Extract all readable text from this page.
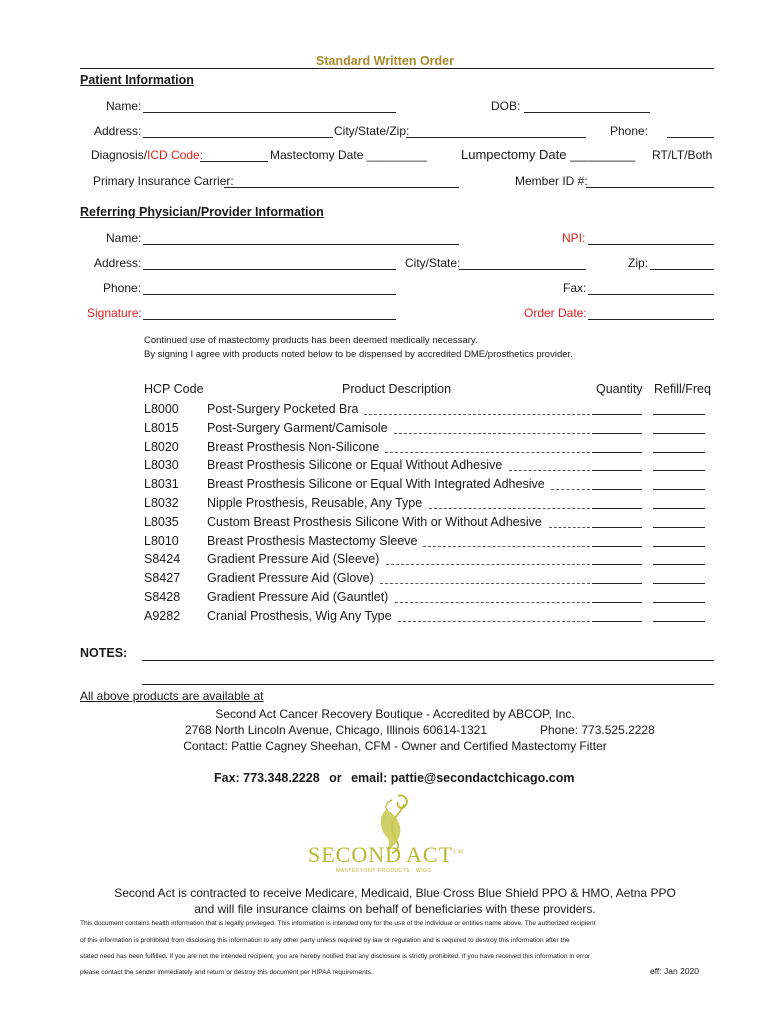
Standard Written Order
Patient Information
Name:	DOB:
Address:	City/State/Zip:	Phone:
Diagnosis/ICD Code:	Mastectomy Date _________	Lumpectomy Date _________ RT/LT/Both
Primary Insurance Carrier:	Member ID #:
Referring Physician/Provider Information
Name:	NPI:
Address:	City/State:	Zip:
Phone:	Fax:
Signature:	Order Date:
Continued use of mastectomy products has been deemed medically necessary.
By signing I agree with products noted below to be dispensed by accredited DME/prosthetics provider.
HCP Code	Product Description	Quantity Refill/Freq
L8000 Post-Surgery Pocketed Bra
L8015 Post-Surgery Garment/Camisole
L8020 Breast Prosthesis Non-Silicone
L8030 Breast Prosthesis Silicone or Equal Without Adhesive
L8031 Breast Prosthesis Silicone or Equal With Integrated Adhesive
L8032 Nipple Prosthesis, Reusable, Any Type
L8035 Custom Breast Prosthesis Silicone With or Without Adhesive
L8010 Breast Prosthesis Mastectomy Sleeve
S8424 Gradient Pressure Aid (Sleeve)
S8427 Gradient Pressure Aid (Glove)
S8428 Gradient Pressure Aid (Gauntlet)
A9282 Cranial Prosthesis, Wig Any Type
NOTES:
All above products are available at
Second Act Cancer Recovery Boutique - Accredited by ABCOP, Inc.
2768 North Lincoln Avenue, Chicago, Illinois 60614-1321	Phone: 773.525.2228
Contact: Pattie Cagney Sheehan, CFM - Owner and Certified Mastectomy Fitter
Fax: 773.348.2228 or email: pattie@secondactchicago.com
SECOND ACT™
MASTECTOMY PRODUCTS · WIGS
Second Act is contracted to receive Medicare, Medicaid, Blue Cross Blue Shield PPO & HMO, Aetna PPO
and will file insurance claims on behalf of beneficiaries with these providers.
This document contains health information that is legally privileged. This information is intended only for the use of the individual or entities name above. The authorized recipient
of this information is prohibited from disclosing this information to any other party unless required by law or regulation and is required to destroy this information after the
stated need has been fulfilled. If you are not the intended recipient, you are hereby notified that any disclosure is strictly prohibited. If you have received this information in error
please contact the sender immediately and return or destroy this document per HIPAA requirements.	eff: Jan 2020
